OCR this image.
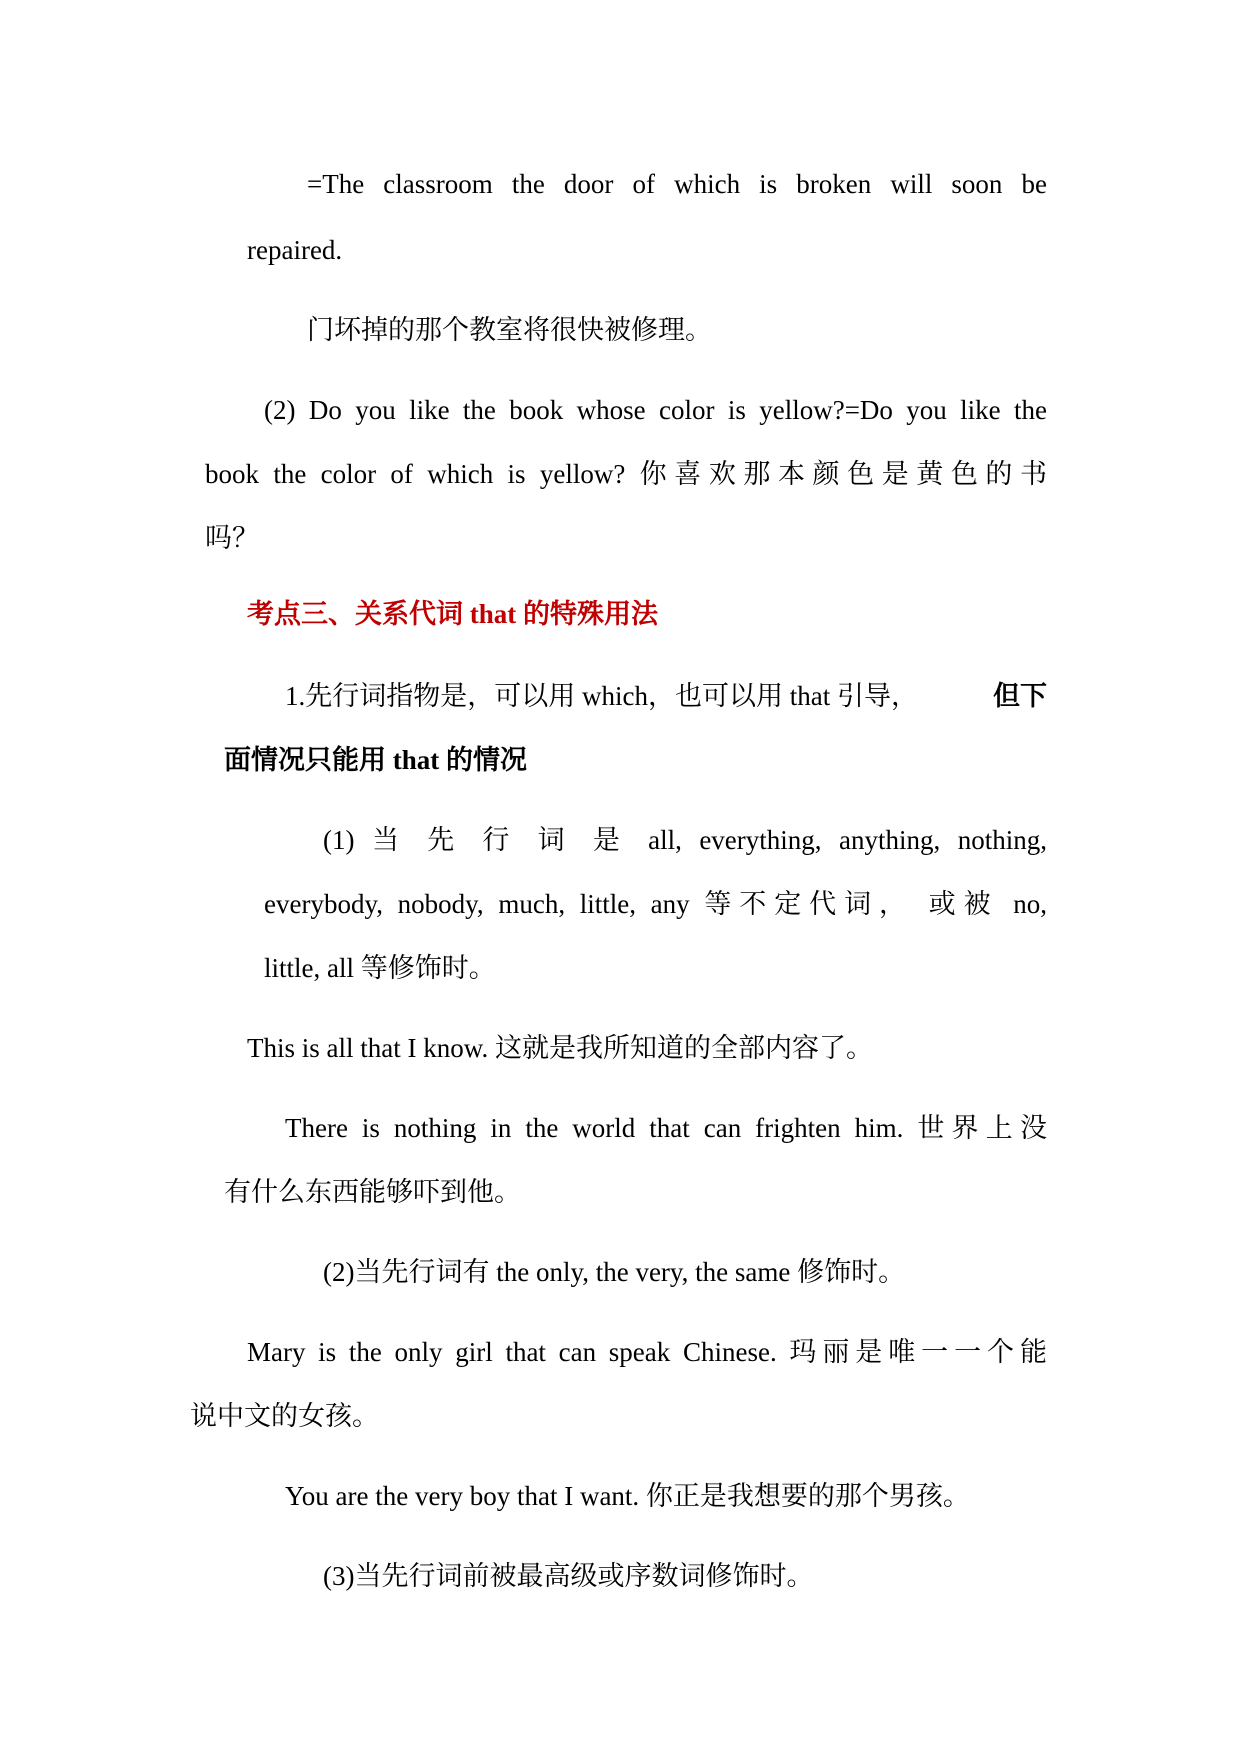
=The classroom the door of which is broken will soon be

repaired.

门坏掉的那个教室将很快被修理。

(2) Do you like the book whose color is yellow?=Do you like the

book the color of which is yellow? 你喜欢那本颜色是黄色的书

吗？

考点三、关系代词 that 的特殊用法

1.先行词指物是，可以用 which，也可以用 that 引导，	但下

面情况只能用 that 的情况

(1) 当 先 行 词 是 all, everything, anything, nothing,

everybody, nobody, much, little, any 等不定代词， 或被 no,

little, all 等修饰时。

This is all that I know. 这就是我所知道的全部内容了。

There is nothing in the world that can frighten him. 世界上没

有什么东西能够吓到他。

(2)当先行词有 the only, the very, the same 修饰时。

Mary is the only girl that can speak Chinese. 玛丽是唯一一个能

说中文的女孩。

You are the very boy that I want. 你正是我想要的那个男孩。

(3)当先行词前被最高级或序数词修饰时。
